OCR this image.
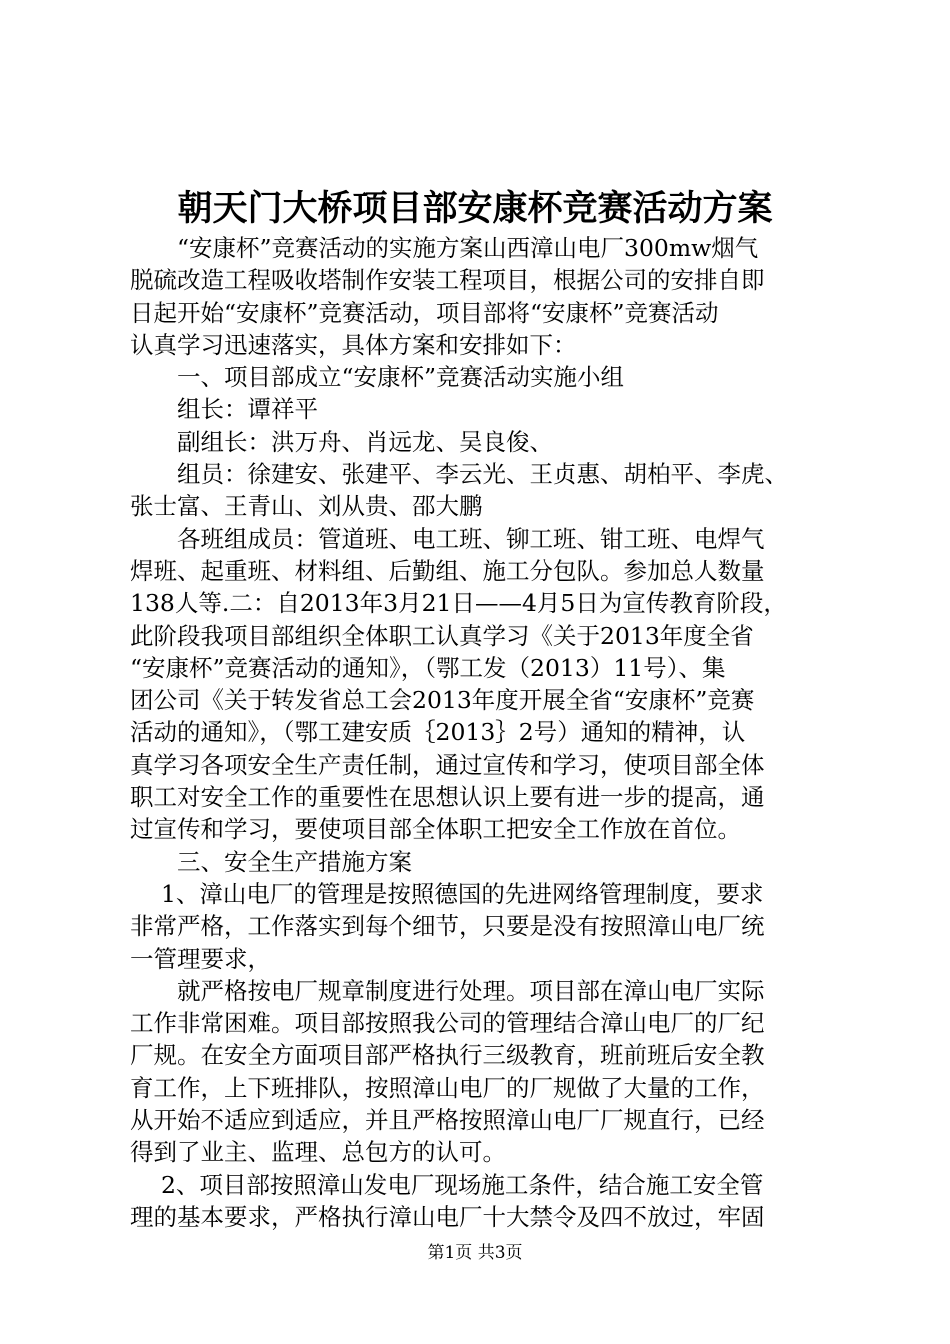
朝天门大桥项目部安康杯竞赛活动方案
　　“安康杯”竞赛活动的实施方案山西漳山电厂300mw烟气
脱硫改造工程吸收塔制作安装工程项目，根据公司的安排自即
日起开始“安康杯”竞赛活动，项目部将“安康杯”竞赛活动
认真学习迅速落实，具体方案和安排如下：
　　一、项目部成立“安康杯”竞赛活动实施小组
　　组长：谭祥平
　　副组长：洪万舟、肖远龙、吴良俊、
　　组员：徐建安、张建平、李云光、王贞惠、胡柏平、李虎、
张士富、王青山、刘从贵、邵大鹏
　　各班组成员：管道班、电工班、铆工班、钳工班、电焊气
焊班、起重班、材料组、后勤组、施工分包队。参加总人数量
138人等.二：自2013年3月21日——4月5日为宣传教育阶段，
此阶段我项目部组织全体职工认真学习《关于2013年度全省
“安康杯”竞赛活动的通知》，（鄂工发（2013）11号）、集
团公司《关于转发省总工会2013年度开展全省“安康杯”竞赛
活动的通知》，（鄂工建安质｛2013｝2号）通知的精神，认
真学习各项安全生产责任制，通过宣传和学习，使项目部全体
职工对安全工作的重要性在思想认识上要有进一步的提高，通
过宣传和学习，要使项目部全体职工把安全工作放在首位。
　　三、安全生产措施方案
　 1、漳山电厂的管理是按照德国的先进网络管理制度，要求
非常严格，工作落实到每个细节，只要是没有按照漳山电厂统
一管理要求，
　　就严格按电厂规章制度进行处理。项目部在漳山电厂实际
工作非常困难。项目部按照我公司的管理结合漳山电厂的厂纪
厂规。在安全方面项目部严格执行三级教育，班前班后安全教
育工作，上下班排队，按照漳山电厂的厂规做了大量的工作，
从开始不适应到适应，并且严格按照漳山电厂厂规直行，已经
得到了业主、监理、总包方的认可。
　 2、项目部按照漳山发电厂现场施工条件，结合施工安全管
理的基本要求，严格执行漳山电厂十大禁令及四不放过，牢固
第1页 共3页
